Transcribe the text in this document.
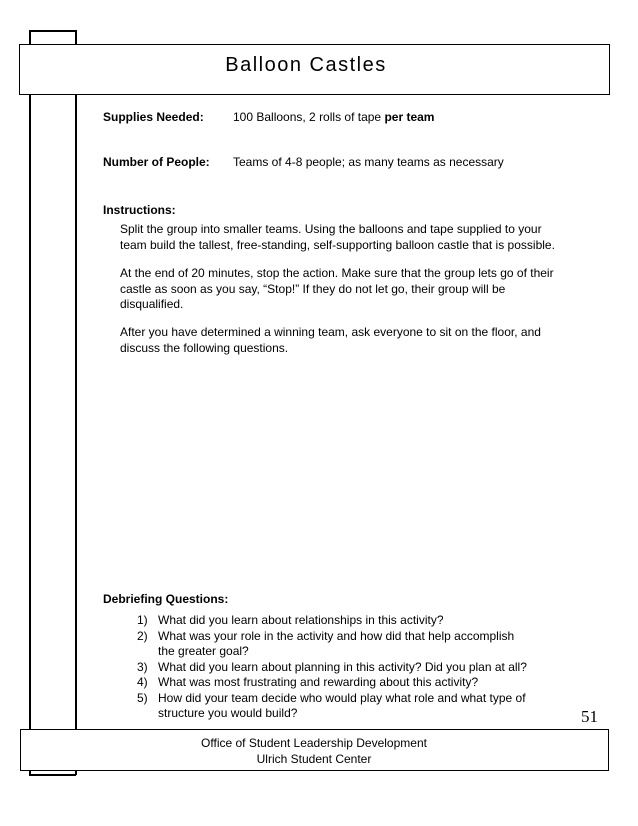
Balloon Castles
Supplies Needed: 100 Balloons, 2 rolls of tape per team
Number of People: Teams of 4-8 people; as many teams as necessary
Instructions:
Split the group into smaller teams. Using the balloons and tape supplied to your
team build the tallest, free-standing, self-supporting balloon castle that is possible.
At the end of 20 minutes, stop the action. Make sure that the group lets go of their
castle as soon as you say, “Stop!” If they do not let go, their group will be
disqualified.
After you have determined a winning team, ask everyone to sit on the floor, and
discuss the following questions.
Debriefing Questions:
1) What did you learn about relationships in this activity?
2) What was your role in the activity and how did that help accomplish
the greater goal?
3) What did you learn about planning in this activity? Did you plan at all?
4) What was most frustrating and rewarding about this activity?
5) How did your team decide who would play what role and what type of
structure you would build?	51
Office of Student Leadership Development
Ulrich Student Center
